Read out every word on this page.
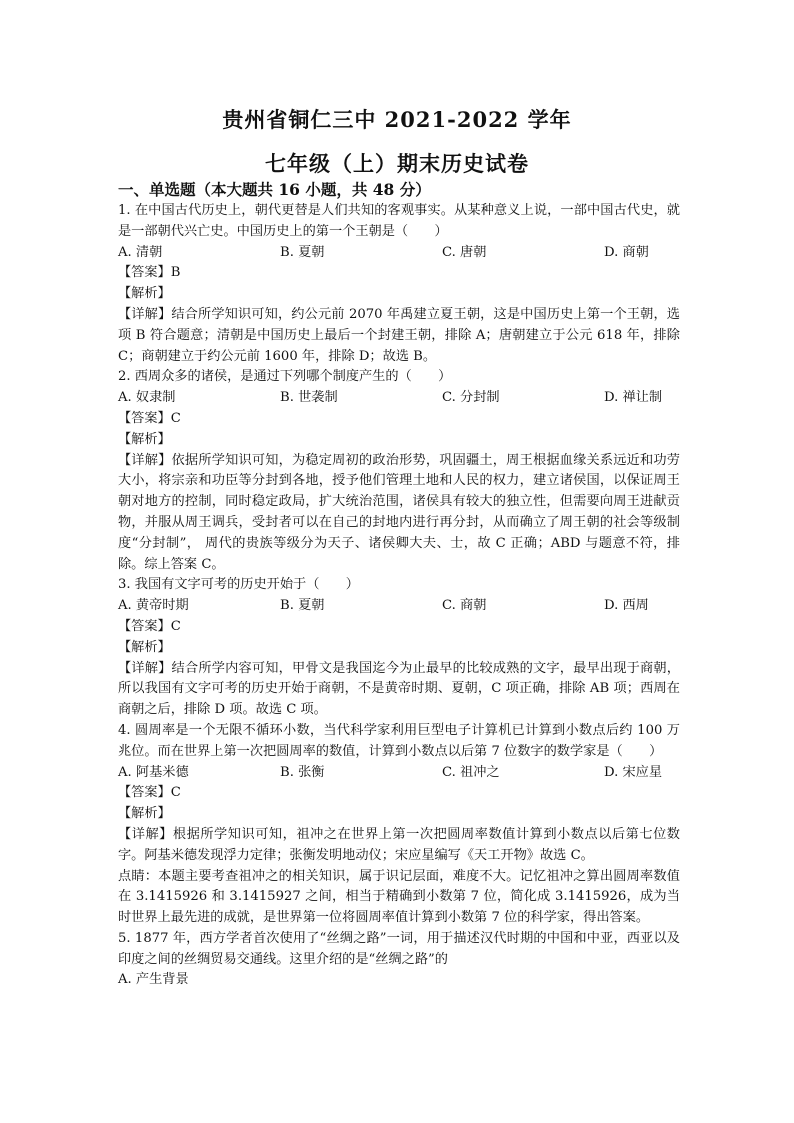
贵州省铜仁三中 2021-2022 学年
七年级（上）期末历史试卷
一、单选题（本大题共 16 小题，共 48 分）

1. 在中国古代历史上，朝代更替是人们共知的客观事实。从某种意义上说，一部中国古代史，就是一部朝代兴亡史。中国历史上的第一个王朝是（　　）

A. 清朝	B. 夏朝	C. 唐朝	D. 商朝

【答案】B

【解析】

【详解】结合所学知识可知，约公元前 2070 年禹建立夏王朝，这是中国历史上第一个王朝，选项 B 符合题意；清朝是中国历史上最后一个封建王朝，排除 A；唐朝建立于公元 618 年，排除 C；商朝建立于约公元前 1600 年，排除 D；故选 B。

2. 西周众多的诸侯，是通过下列哪个制度产生的（　　）

A. 奴隶制	B. 世袭制	C. 分封制	D. 禅让制

【答案】C

【解析】

【详解】依据所学知识可知，为稳定周初的政治形势，巩固疆土，周王根据血缘关系远近和功劳大小，将宗亲和功臣等分封到各地，授予他们管理土地和人民的权力，建立诸侯国，以保证周王朝对地方的控制，同时稳定政局，扩大统治范围，诸侯具有较大的独立性，但需要向周王进献贡物，并服从周王调兵，受封者可以在自己的封地内进行再分封，从而确立了周王朝的社会等级制度“分封制”， 周代的贵族等级分为天子、诸侯卿大夫、士，故 C 正确；ABD 与题意不符，排除。综上答案 C。

3. 我国有文字可考的历史开始于（　　）

A. 黄帝时期	B. 夏朝	C. 商朝	D. 西周

【答案】C

【解析】

【详解】结合所学内容可知，甲骨文是我国迄今为止最早的比较成熟的文字，最早出现于商朝，所以我国有文字可考的历史开始于商朝，不是黄帝时期、夏朝，C 项正确，排除 AB 项；西周在商朝之后，排除 D 项。故选 C 项。

4. 圆周率是一个无限不循环小数，当代科学家利用巨型电子计算机已计算到小数点后约 100 万兆位。而在世界上第一次把圆周率的数值，计算到小数点以后第 7 位数字的数学家是（　　）

A. 阿基米德	B. 张衡	C. 祖冲之	D. 宋应星

【答案】C

【解析】

【详解】根据所学知识可知，祖冲之在世界上第一次把圆周率数值计算到小数点以后第七位数字。阿基米德发现浮力定律；张衡发明地动仪；宋应星编写《天工开物》故选 C。

点睛：本题主要考查祖冲之的相关知识，属于识记层面，难度不大。记忆祖冲之算出圆周率数值在 3.1415926 和 3.1415927 之间，相当于精确到小数第 7 位，简化成 3.1415926，成为当时世界上最先进的成就，是世界第一位将圆周率值计算到小数第 7 位的科学家，得出答案。

5. 1877 年，西方学者首次使用了“丝绸之路”一词，用于描述汉代时期的中国和中亚，西亚以及印度之间的丝绸贸易交通线。这里介绍的是“丝绸之路”的

A. 产生背景
